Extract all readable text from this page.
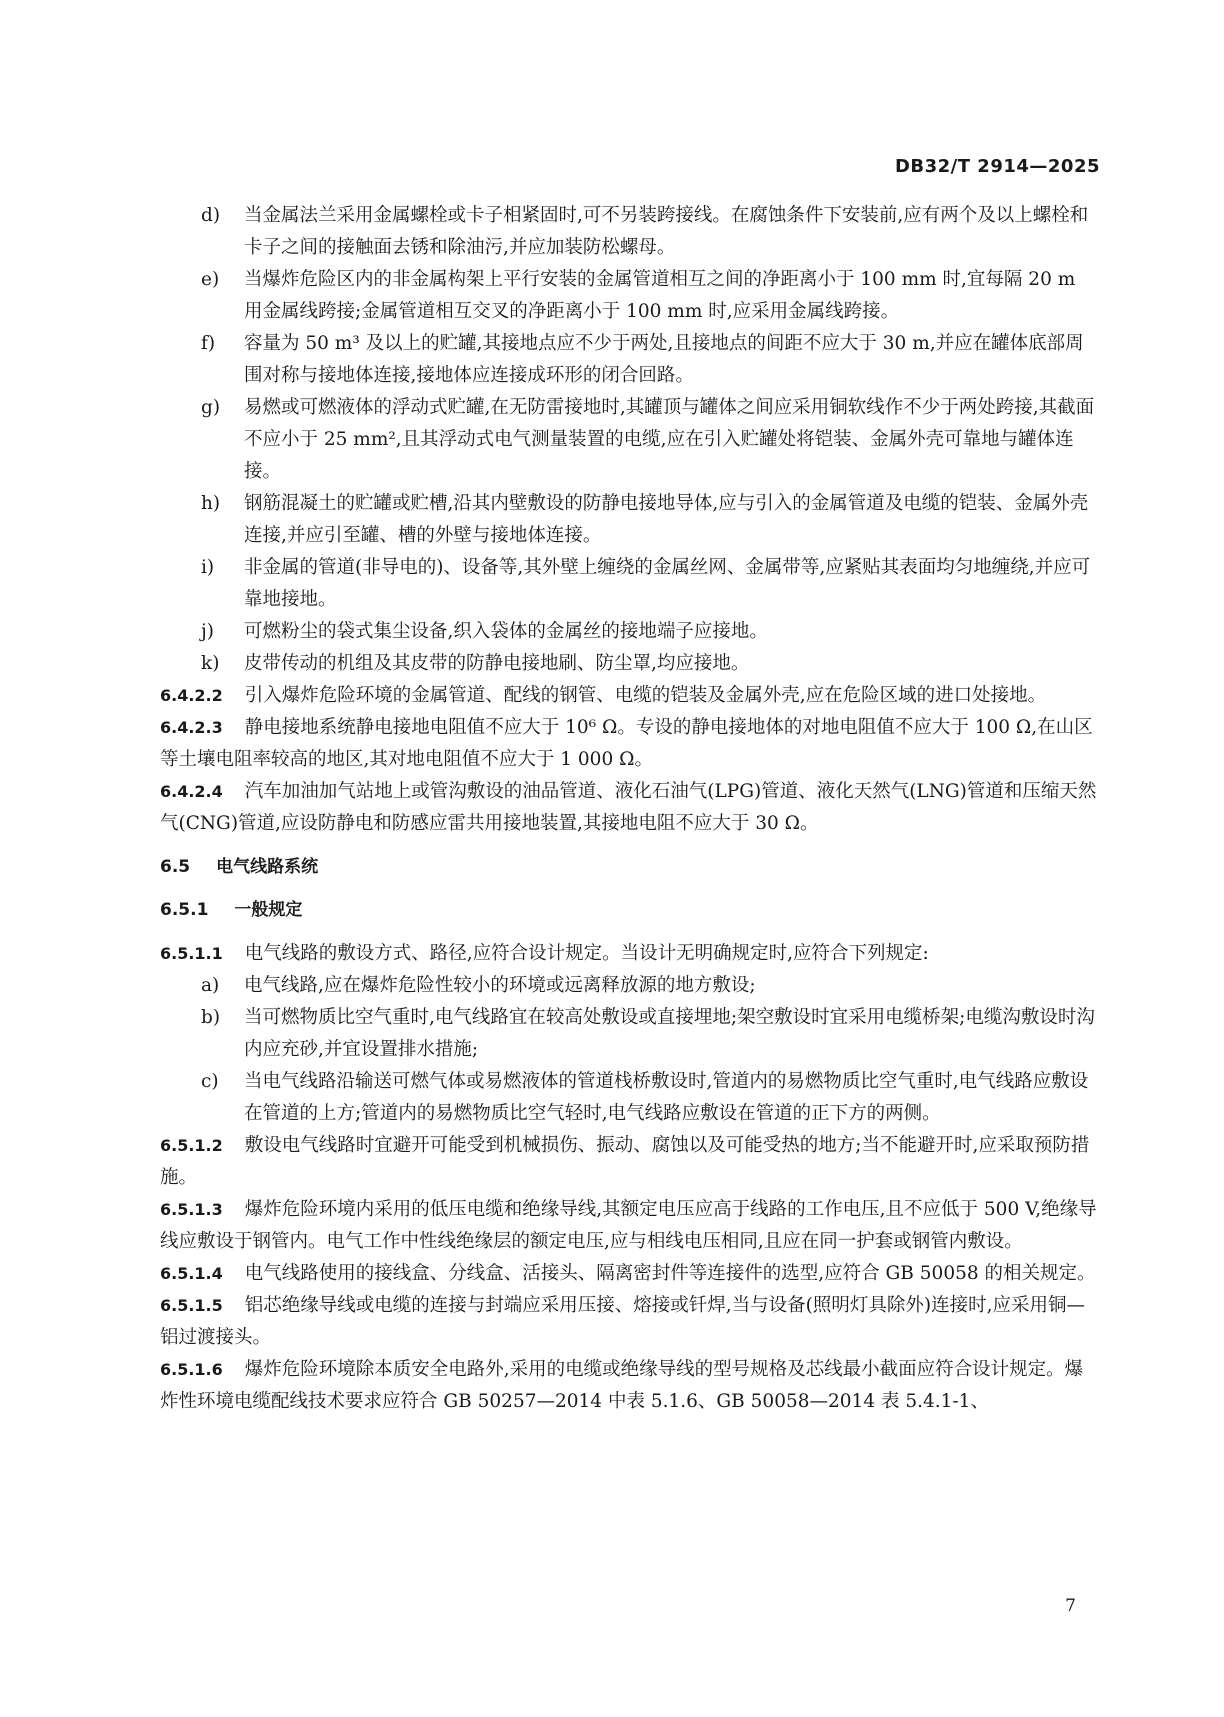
DB32/T 2914—2025
d) 当金属法兰采用金属螺栓或卡子相紧固时,可不另装跨接线。在腐蚀条件下安装前,应有两个及以上螺栓和卡子之间的接触面去锈和除油污,并应加装防松螺母。
e) 当爆炸危险区内的非金属构架上平行安装的金属管道相互之间的净距离小于 100 mm 时,宜每隔 20 m 用金属线跨接;金属管道相互交叉的净距离小于 100 mm 时,应采用金属线跨接。
f) 容量为 50 m³ 及以上的贮罐,其接地点应不少于两处,且接地点的间距不应大于 30 m,并应在罐体底部周围对称与接地体连接,接地体应连接成环形的闭合回路。
g) 易燃或可燃液体的浮动式贮罐,在无防雷接地时,其罐顶与罐体之间应采用铜软线作不少于两处跨接,其截面不应小于 25 mm²,且其浮动式电气测量装置的电缆,应在引入贮罐处将铠装、金属外壳可靠地与罐体连接。
h) 钢筋混凝土的贮罐或贮槽,沿其内壁敷设的防静电接地导体,应与引入的金属管道及电缆的铠装、金属外壳连接,并应引至罐、槽的外壁与接地体连接。
i) 非金属的管道(非导电的)、设备等,其外壁上缠绕的金属丝网、金属带等,应紧贴其表面均匀地缠绕,并应可靠地接地。
j) 可燃粉尘的袋式集尘设备,织入袋体的金属丝的接地端子应接地。
k) 皮带传动的机组及其皮带的防静电接地刷、防尘罩,均应接地。
6.4.2.2 引入爆炸危险环境的金属管道、配线的钢管、电缆的铠装及金属外壳,应在危险区域的进口处接地。
6.4.2.3 静电接地系统静电接地电阻值不应大于 10⁶ Ω。专设的静电接地体的对地电阻值不应大于 100 Ω,在山区等土壤电阻率较高的地区,其对地电阻值不应大于 1 000 Ω。
6.4.2.4 汽车加油加气站地上或管沟敷设的油品管道、液化石油气(LPG)管道、液化天然气(LNG)管道和压缩天然气(CNG)管道,应设防静电和防感应雷共用接地装置,其接地电阻不应大于 30 Ω。
6.5 电气线路系统
6.5.1 一般规定
6.5.1.1 电气线路的敷设方式、路径,应符合设计规定。当设计无明确规定时,应符合下列规定:
a) 电气线路,应在爆炸危险性较小的环境或远离释放源的地方敷设;
b) 当可燃物质比空气重时,电气线路宜在较高处敷设或直接埋地;架空敷设时宜采用电缆桥架;电缆沟敷设时沟内应充砂,并宜设置排水措施;
c) 当电气线路沿输送可燃气体或易燃液体的管道栈桥敷设时,管道内的易燃物质比空气重时,电气线路应敷设在管道的上方;管道内的易燃物质比空气轻时,电气线路应敷设在管道的正下方的两侧。
6.5.1.2 敷设电气线路时宜避开可能受到机械损伤、振动、腐蚀以及可能受热的地方;当不能避开时,应采取预防措施。
6.5.1.3 爆炸危险环境内采用的低压电缆和绝缘导线,其额定电压应高于线路的工作电压,且不应低于 500 V,绝缘导线应敷设于钢管内。电气工作中性线绝缘层的额定电压,应与相线电压相同,且应在同一护套或钢管内敷设。
6.5.1.4 电气线路使用的接线盒、分线盒、活接头、隔离密封件等连接件的选型,应符合 GB 50058 的相关规定。
6.5.1.5 铝芯绝缘导线或电缆的连接与封端应采用压接、熔接或钎焊,当与设备(照明灯具除外)连接时,应采用铜—铝过渡接头。
6.5.1.6 爆炸危险环境除本质安全电路外,采用的电缆或绝缘导线的型号规格及芯线最小截面应符合设计规定。爆炸性环境电缆配线技术要求应符合 GB 50257—2014 中表 5.1.6、GB 50058—2014 表 5.4.1-1、
7
